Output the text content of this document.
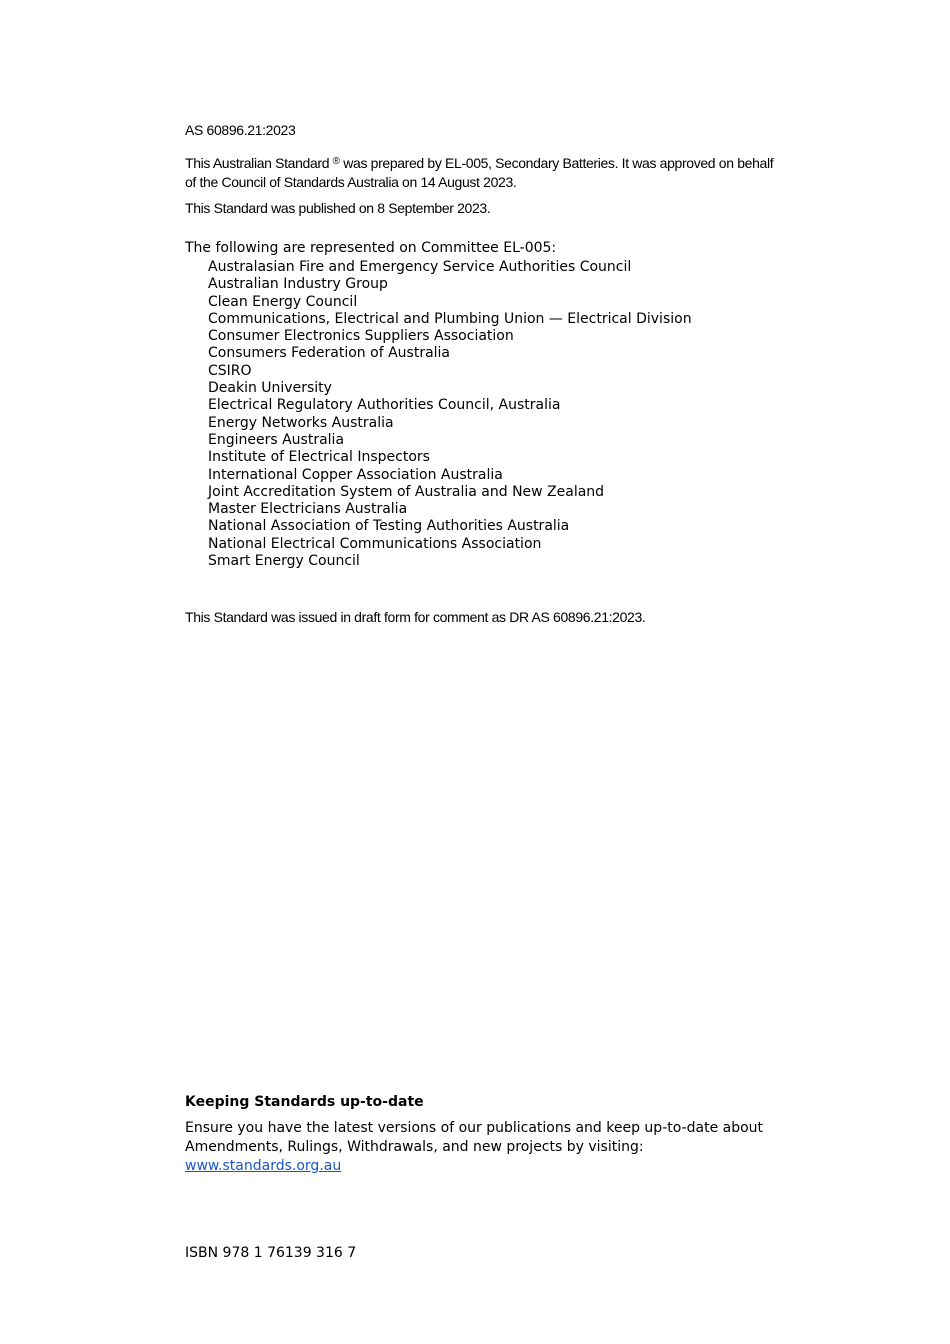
AS 60896.21:2023

This Australian Standard ® was prepared by EL-005, Secondary Batteries. It was approved on behalf of the Council of Standards Australia on 14 August 2023.

This Standard was published on 8 September 2023.

The following are represented on Committee EL-005:

Australasian Fire and Emergency Service Authorities Council
Australian Industry Group
Clean Energy Council
Communications, Electrical and Plumbing Union — Electrical Division
Consumer Electronics Suppliers Association
Consumers Federation of Australia
CSIRO
Deakin University
Electrical Regulatory Authorities Council, Australia
Energy Networks Australia
Engineers Australia
Institute of Electrical Inspectors
International Copper Association Australia
Joint Accreditation System of Australia and New Zealand
Master Electricians Australia
National Association of Testing Authorities Australia
National Electrical Communications Association
Smart Energy Council

This Standard was issued in draft form for comment as DR AS 60896.21:2023.

Keeping Standards up-to-date

Ensure you have the latest versions of our publications and keep up-to-date about Amendments, Rulings, Withdrawals, and new projects by visiting:
www.standards.org.au

ISBN 978 1 76139 316 7
